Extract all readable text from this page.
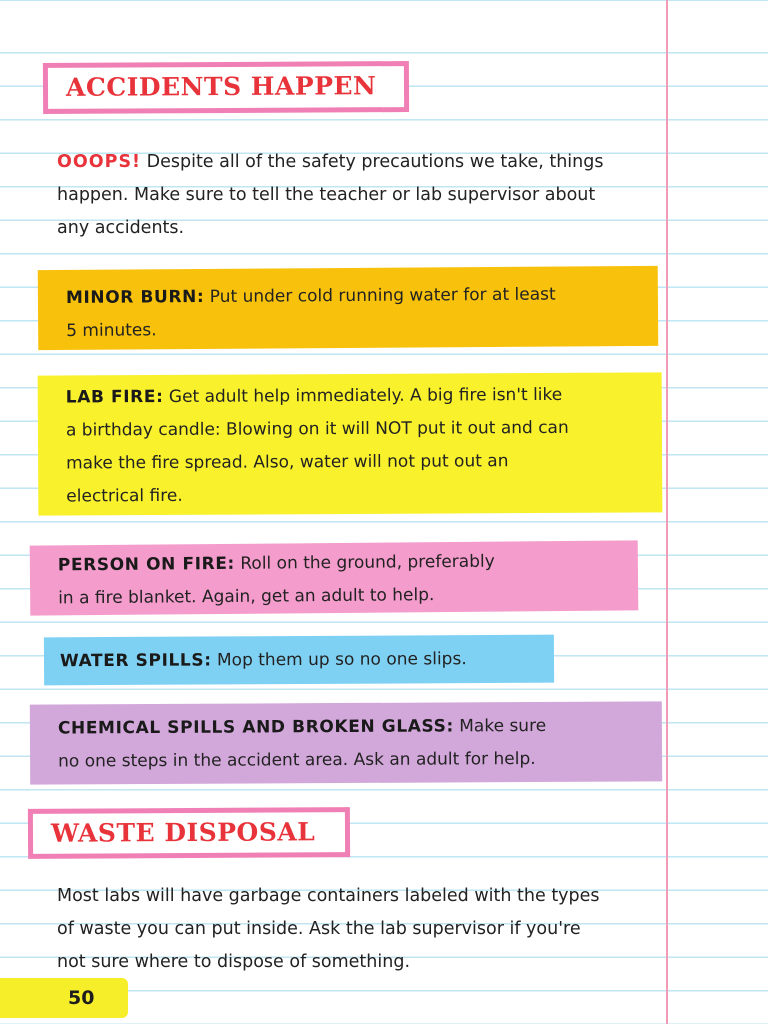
ACCIDENTS HAPPEN
OOOPS! Despite all of the safety precautions we take, things
happen. Make sure to tell the teacher or lab supervisor about
any accidents.
MINOR BURN: Put under cold running water for at least
5 minutes.
LAB FIRE: Get adult help immediately. A big fire isn't like
a birthday candle: Blowing on it will NOT put it out and can
make the fire spread. Also, water will not put out an
electrical fire.
PERSON ON FIRE: Roll on the ground, preferably
in a fire blanket. Again, get an adult to help.
WATER SPILLS: Mop them up so no one slips.
CHEMICAL SPILLS AND BROKEN GLASS: Make sure
no one steps in the accident area. Ask an adult for help.
WASTE DISPOSAL
Most labs will have garbage containers labeled with the types
of waste you can put inside. Ask the lab supervisor if you're
not sure where to dispose of something.
50
